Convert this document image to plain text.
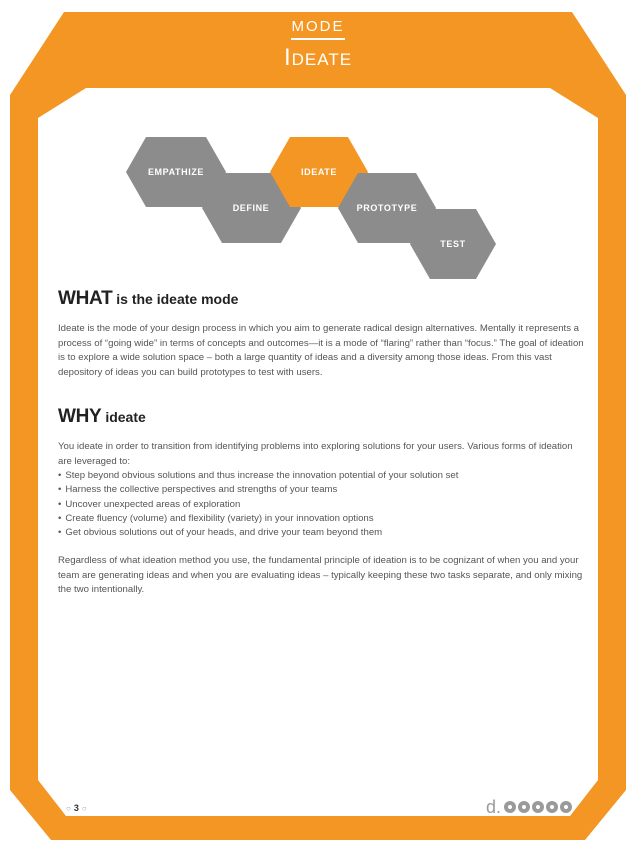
MODE
Ideate
EMPATHIZE
DEFINE
IDEATE
PROTOTYPE
TEST
WHAT is the ideate mode

Ideate is the mode of your design process in which you aim to generate radical design alternatives. Mentally it represents a process of “going wide” in terms of concepts and outcomes—it is a mode of “flaring” rather than “focus.” The goal of ideation is to explore a wide solution space – both a large quantity of ideas and a diversity among those ideas. From this vast depository of ideas you can build prototypes to test with users.

WHY ideate

You ideate in order to transition from identifying problems into exploring solutions for your users. Various forms of ideation are leveraged to:

• Step beyond obvious solutions and thus increase the innovation potential of your solution set
• Harness the collective perspectives and strengths of your teams
• Uncover unexpected areas of exploration
• Create fluency (volume) and flexibility (variety) in your innovation options
• Get obvious solutions out of your heads, and drive your team beyond them

Regardless of what ideation method you use, the fundamental principle of ideation is to be cognizant of when you and your team are generating ideas and when you are evaluating ideas – typically keeping these two tasks separate, and only mixing the two intentionally.

○ 3 ○	d.
